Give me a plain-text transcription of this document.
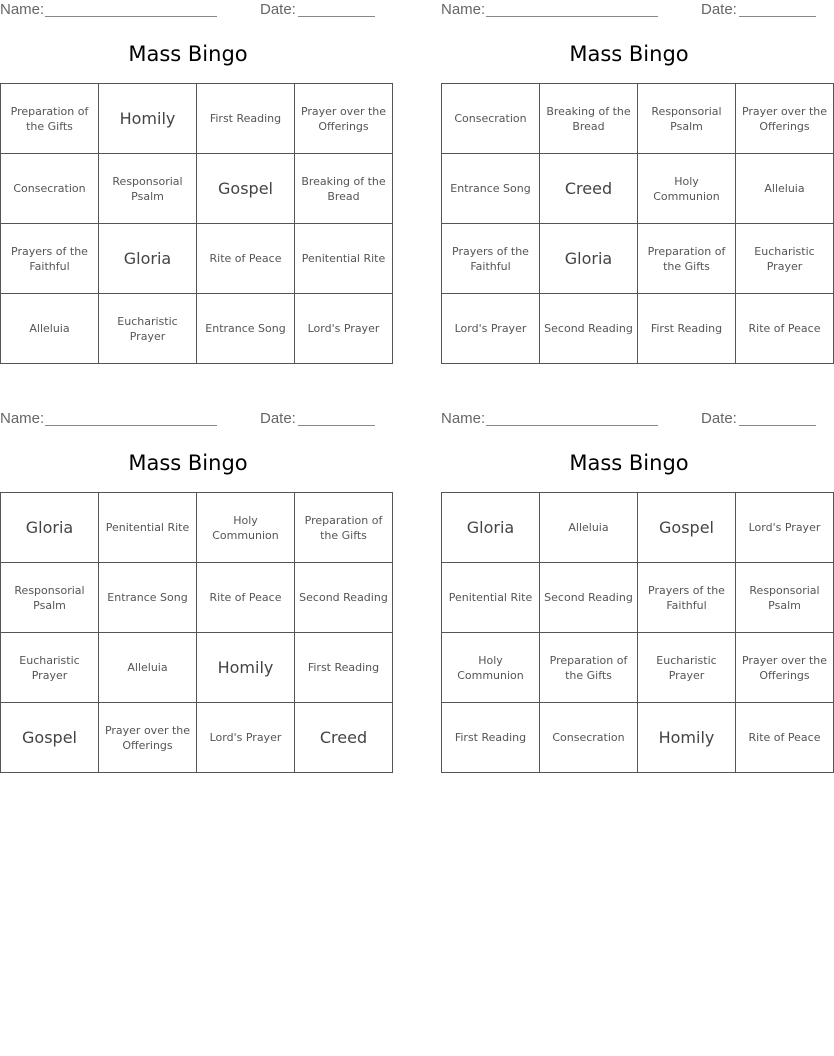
Name:	Date:
Mass Bingo
Preparation of the Gifts	Homily	First Reading	Prayer over the Offerings
Consecration	Responsorial Psalm	Gospel	Breaking of the Bread
Prayers of the Faithful	Gloria	Rite of Peace	Penitential Rite
Alleluia	Eucharistic Prayer	Entrance Song	Lord's Prayer
Name:	Date:
Mass Bingo
Consecration	Breaking of the Bread	Responsorial Psalm	Prayer over the Offerings
Entrance Song	Creed	Holy Communion	Alleluia
Prayers of the Faithful	Gloria	Preparation of the Gifts	Eucharistic Prayer
Lord's Prayer	Second Reading	First Reading	Rite of Peace
Name:	Date:
Mass Bingo
Gloria	Penitential Rite	Holy Communion	Preparation of the Gifts
Responsorial Psalm	Entrance Song	Rite of Peace	Second Reading
Eucharistic Prayer	Alleluia	Homily	First Reading
Gospel	Prayer over the Offerings	Lord's Prayer	Creed
Name:	Date:
Mass Bingo
Gloria	Alleluia	Gospel	Lord's Prayer
Penitential Rite	Second Reading	Prayers of the Faithful	Responsorial Psalm
Holy Communion	Preparation of the Gifts	Eucharistic Prayer	Prayer over the Offerings
First Reading	Consecration	Homily	Rite of Peace
